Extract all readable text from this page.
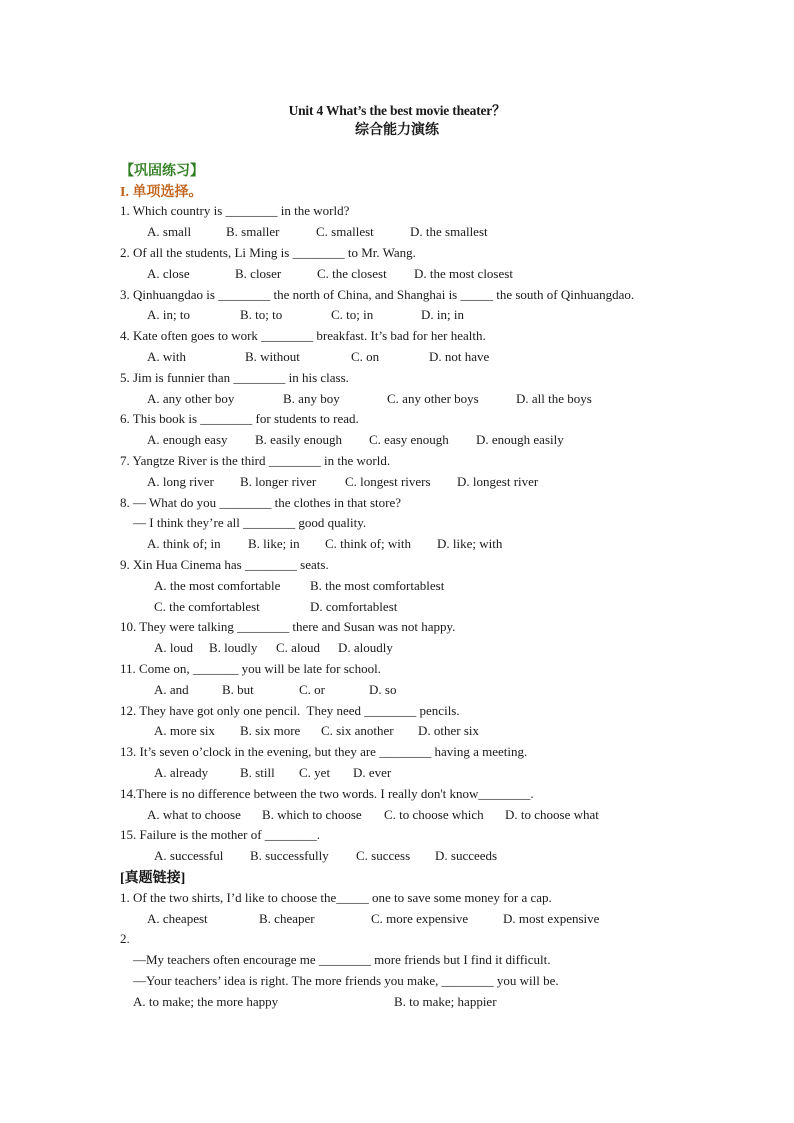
Unit 4 What’s the best movie theater？
综合能力演练
【巩固练习】
I. 单项选择。
1. Which country is ________ in the world?
A. small	B. smaller	C. smallest	D. the smallest
2. Of all the students, Li Ming is ________ to Mr. Wang.
A. close	B. closer	C. the closest D. the most closest
3. Qinhuangdao is ________ the north of China, and Shanghai is _____ the south of Qinhuangdao.
A. in; to	B. to; to	C. to; in	D. in; in
4. Kate often goes to work ________ breakfast. It’s bad for her health.
A. with	B. without	C. on	D. not have
5. Jim is funnier than ________ in his class.
A. any other boy	B. any boy	C. any other boys	D. all the boys
6. This book is ________ for students to read.
A. enough easy B. easily enough C. easy enough D. enough easily
7. Yangtze River is the third ________ in the world.
A. long river B. longer river C. longest rivers D. longest river
8. — What do you ________ the clothes in that store?
— I think they’re all ________ good quality.
A. think of; in B. like; in C. think of; with D. like; with
9. Xin Hua Cinema has ________ seats.
A. the most comfortable B. the most comfortablest
C. the comfortablest	D. comfortablest
10. They were talking ________ there and Susan was not happy.
A. loud B. loudly C. aloud D. aloudly
11. Come on, _______ you will be late for school.
A. and	B. but	C. or	D. so
12. They have got only one pencil.  They need ________ pencils.
A. more six B. six more C. six another D. other six
13. It’s seven o’clock in the evening, but they are ________ having a meeting.
A. already B. still C. yet D. ever
14.There is no difference between the two words. I really don't know________.
A. what to choose B. which to choose C. to choose which D. to choose what
15. Failure is the mother of ________.
A. successful B. successfully C. success D. succeeds
[真题链接]
1. Of the two shirts, I’d like to choose the_____ one to save some money for a cap.
A. cheapest	B. cheaper	C. more expensive	D. most expensive
2.
—My teachers often encourage me ________ more friends but I find it difficult.
—Your teachers’ idea is right. The more friends you make, ________ you will be.
A. to make; the more happy	B. to make; happier
